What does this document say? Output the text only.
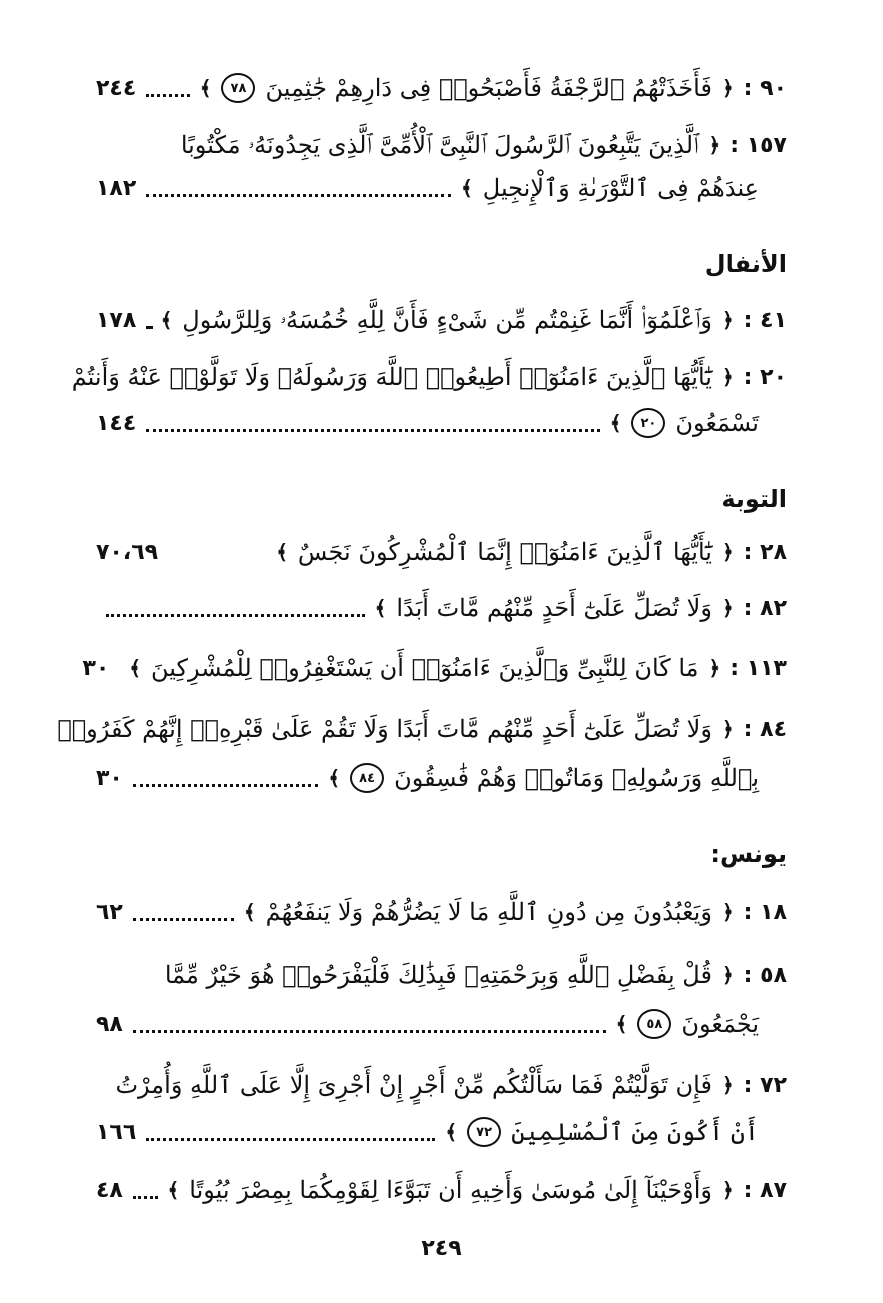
٩٠ :
﴿
فَأَخَذَتْهُمُ ٱلرَّجْفَةُ فَأَصْبَحُوا۟ فِى دَارِهِمْ جَٰثِمِينَ
٧٨
﴾
٢٤٤
١٥٧ :
﴿
ٱلَّذِينَ يَتَّبِعُونَ ٱلرَّسُولَ ٱلنَّبِىَّ ٱلْأُمِّىَّ ٱلَّذِى يَجِدُونَهُۥ مَكْتُوبًا
عِندَهُمْ فِى ٱلتَّوْرَىٰةِ وَٱلْإِنجِيلِ
﴾
١٨٢
الأنفال
٤١ :
﴿
وَٱعْلَمُوٓا۟ أَنَّمَا غَنِمْتُم مِّن شَىْءٍ فَأَنَّ لِلَّهِ خُمُسَهُۥ وَلِلرَّسُولِ
﴾
١٧٨
٢٠ :
﴿
يَٰٓأَيُّهَا ٱلَّذِينَ ءَامَنُوٓا۟ أَطِيعُوا۟ ٱللَّهَ وَرَسُولَهُۥ وَلَا تَوَلَّوْا۟ عَنْهُ وَأَنتُمْ
تَسْمَعُونَ
٢٠
﴾
١٤٤
التوبة
٢٨ :
﴿
يَٰٓأَيُّهَا ٱلَّذِينَ ءَامَنُوٓا۟ إِنَّمَا ٱلْمُشْرِكُونَ نَجَسٌ
﴾
٧٠،٦٩
٨٢ :
﴿
وَلَا تُصَلِّ عَلَىٰٓ أَحَدٍ مِّنْهُم مَّاتَ أَبَدًا
﴾
١١٣ :
﴿
مَا كَانَ لِلنَّبِىِّ وَٱلَّذِينَ ءَامَنُوٓا۟ أَن يَسْتَغْفِرُوا۟ لِلْمُشْرِكِينَ
﴾
٣٠
٨٤ :
﴿
وَلَا تُصَلِّ عَلَىٰٓ أَحَدٍ مِّنْهُم مَّاتَ أَبَدًا وَلَا تَقُمْ عَلَىٰ قَبْرِهِۦٓ إِنَّهُمْ كَفَرُوا۟
بِٱللَّهِ وَرَسُولِهِۦ وَمَاتُوا۟ وَهُمْ فَٰسِقُونَ
٨٤
﴾
٣٠
يونس:
١٨ :
﴿
وَيَعْبُدُونَ مِن دُونِ ٱللَّهِ مَا لَا يَضُرُّهُمْ وَلَا يَنفَعُهُمْ
﴾
٦٢
٥٨ :
﴿
قُلْ بِفَضْلِ ٱللَّهِ وَبِرَحْمَتِهِۦ فَبِذَٰلِكَ فَلْيَفْرَحُوا۟ هُوَ خَيْرٌ مِّمَّا
يَجْمَعُونَ
٥٨
﴾
٩٨
٧٢ :
﴿
فَإِن تَوَلَّيْتُمْ فَمَا سَأَلْتُكُم مِّنْ أَجْرٍ إِنْ أَجْرِىَ إِلَّا عَلَى ٱللَّهِ وَأُمِرْتُ
أَنْ أَكُونَ مِنَ ٱلْمُسْلِمِينَ
٧٢
﴾
١٦٦
٨٧ :
﴿
وَأَوْحَيْنَآ إِلَىٰ مُوسَىٰ وَأَخِيهِ أَن تَبَوَّءَا لِقَوْمِكُمَا بِمِصْرَ بُيُوتًا
﴾
٤٨
٢٤٩
